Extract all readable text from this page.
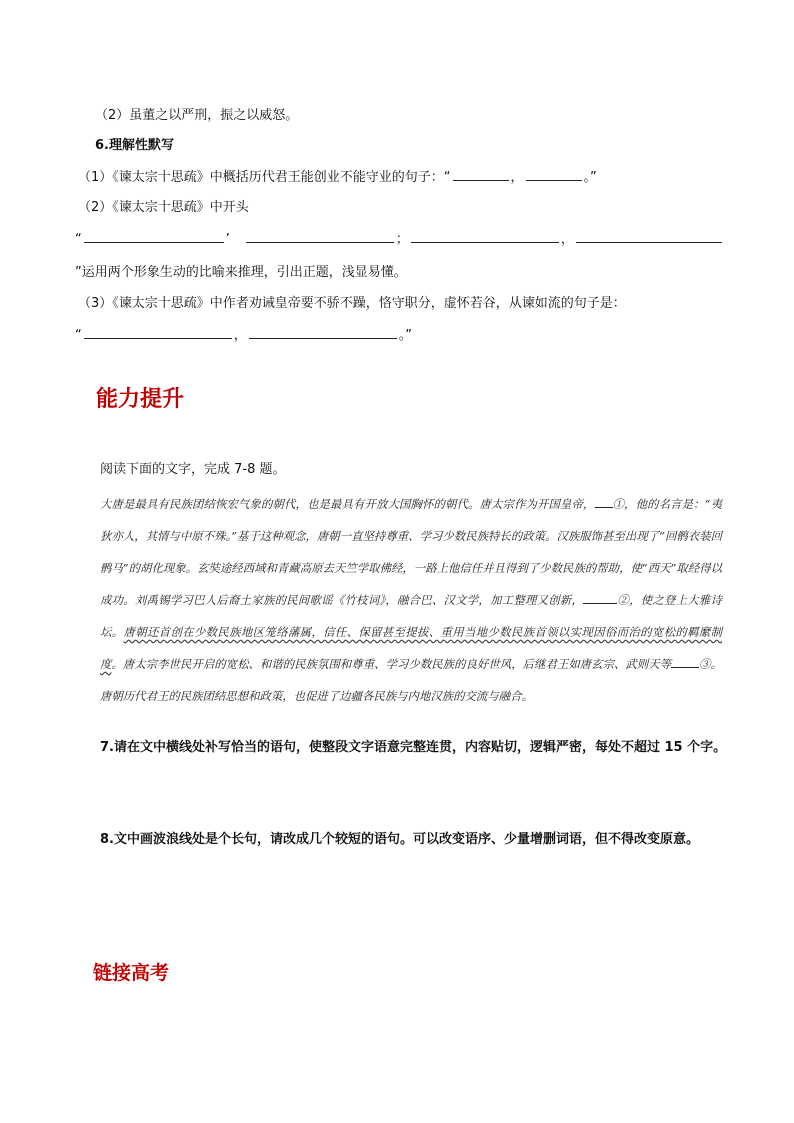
（2）虽董之以严刑，振之以威怒。
6.理解性默写
（1）《谏太宗十思疏》中概括历代君王能创业不能守业的句子：“	，	。”
（2）《谏太宗十思疏》中开头
“	’	；	，
”运用两个形象生动的比喻来推理，引出正题，浅显易懂。
（3）《谏太宗十思疏》中作者劝诫皇帝要不骄不躁，恪守职分，虚怀若谷，从谏如流的句子是：
“	，	。”
能力提升
阅读下面的文字，完成 7-8 题。
大唐是最具有民族团结恢宏气象的朝代，也是最具有开放大国胸怀的朝代。唐太宗作为开国皇帝， ①，他的名言是：“夷狄亦人，其情与中原不殊。”基于这种观念，唐朝一直坚持尊重、学习少数民族特长的政策。汉族服饰甚至出现了“回鹘衣装回鹘马”的胡化现象。玄奘途经西域和青藏高原去天竺学取佛经，一路上他信任并且得到了少数民族的帮助，使“西天”取经得以成功。刘禹锡学习巴人后裔土家族的民间歌谣《竹枝词》，融合巴、汉文学，加工整理又创新，	②，使之登上大雅诗坛。唐朝还首创在少数民族地区笼络藩属，信任、保留甚至提拔、重用当地少数民族首领以实现因俗而治的宽松的羁縻制度。唐太宗李世民开启的宽松、和谐的民族氛围和尊重、学习少数民族的良好世风，后继君王如唐玄宗、武则天等 ③。唐朝历代君王的民族团结思想和政策，也促进了边疆各民族与内地汉族的交流与融合。
7.请在文中横线处补写恰当的语句，使整段文字语意完整连贯，内容贴切，逻辑严密，每处不超过 15 个字。
8.文中画波浪线处是个长句，请改成几个较短的语句。可以改变语序、少量增删词语，但不得改变原意。
链接高考
